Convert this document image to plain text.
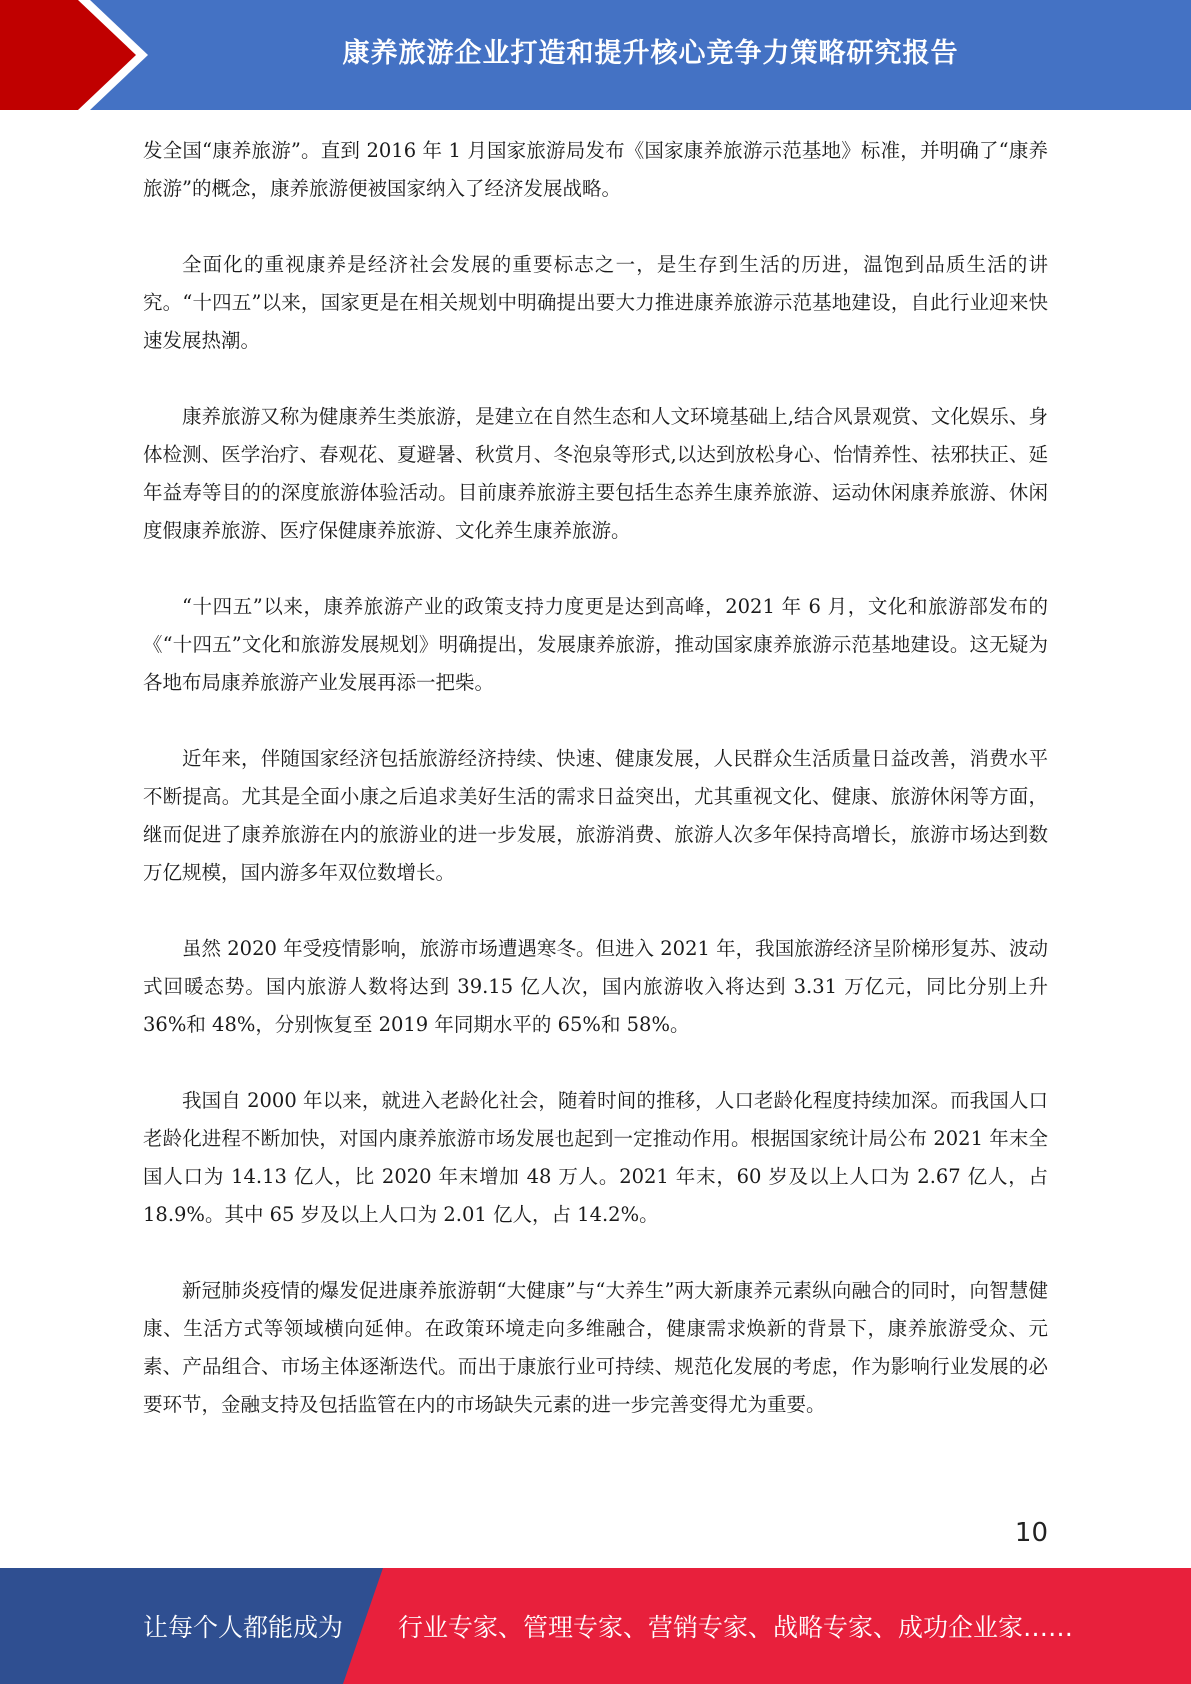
康养旅游企业打造和提升核心竞争力策略研究报告

发全国“康养旅游”。直到 2016 年 1 月国家旅游局发布《国家康养旅游示范基地》标准，并明确了“康养旅游”的概念，康养旅游便被国家纳入了经济发展战略。

全面化的重视康养是经济社会发展的重要标志之一，是生存到生活的历进，温饱到品质生活的讲究。“十四五”以来，国家更是在相关规划中明确提出要大力推进康养旅游示范基地建设，自此行业迎来快速发展热潮。

康养旅游又称为健康养生类旅游，是建立在自然生态和人文环境基础上,结合风景观赏、文化娱乐、身体检测、医学治疗、春观花、夏避暑、秋赏月、冬泡泉等形式,以达到放松身心、怡情养性、祛邪扶正、延年益寿等目的的深度旅游体验活动。目前康养旅游主要包括生态养生康养旅游、运动休闲康养旅游、休闲度假康养旅游、医疗保健康养旅游、文化养生康养旅游。

“十四五”以来，康养旅游产业的政策支持力度更是达到高峰，2021 年 6 月，文化和旅游部发布的《“十四五”文化和旅游发展规划》明确提出，发展康养旅游，推动国家康养旅游示范基地建设。这无疑为各地布局康养旅游产业发展再添一把柴。

近年来，伴随国家经济包括旅游经济持续、快速、健康发展，人民群众生活质量日益改善，消费水平不断提高。尤其是全面小康之后追求美好生活的需求日益突出，尤其重视文化、健康、旅游休闲等方面，继而促进了康养旅游在内的旅游业的进一步发展，旅游消费、旅游人次多年保持高增长，旅游市场达到数万亿规模，国内游多年双位数增长。

虽然 2020 年受疫情影响，旅游市场遭遇寒冬。但进入 2021 年，我国旅游经济呈阶梯形复苏、波动式回暖态势。国内旅游人数将达到 39.15 亿人次，国内旅游收入将达到 3.31 万亿元，同比分别上升 36%和 48%，分别恢复至 2019 年同期水平的 65%和 58%。

我国自 2000 年以来，就进入老龄化社会，随着时间的推移，人口老龄化程度持续加深。而我国人口老龄化进程不断加快，对国内康养旅游市场发展也起到一定推动作用。根据国家统计局公布 2021 年末全国人口为 14.13 亿人，比 2020 年末增加 48 万人。2021 年末，60 岁及以上人口为 2.67 亿人，占 18.9%。其中 65 岁及以上人口为 2.01 亿人，占 14.2%。

新冠肺炎疫情的爆发促进康养旅游朝“大健康”与“大养生”两大新康养元素纵向融合的同时，向智慧健康、生活方式等领域横向延伸。在政策环境走向多维融合，健康需求焕新的背景下，康养旅游受众、元素、产品组合、市场主体逐渐迭代。而出于康旅行业可持续、规范化发展的考虑，作为影响行业发展的必要环节，金融支持及包括监管在内的市场缺失元素的进一步完善变得尤为重要。

10
让每个人都能成为 行业专家、管理专家、营销专家、战略专家、成功企业家……
